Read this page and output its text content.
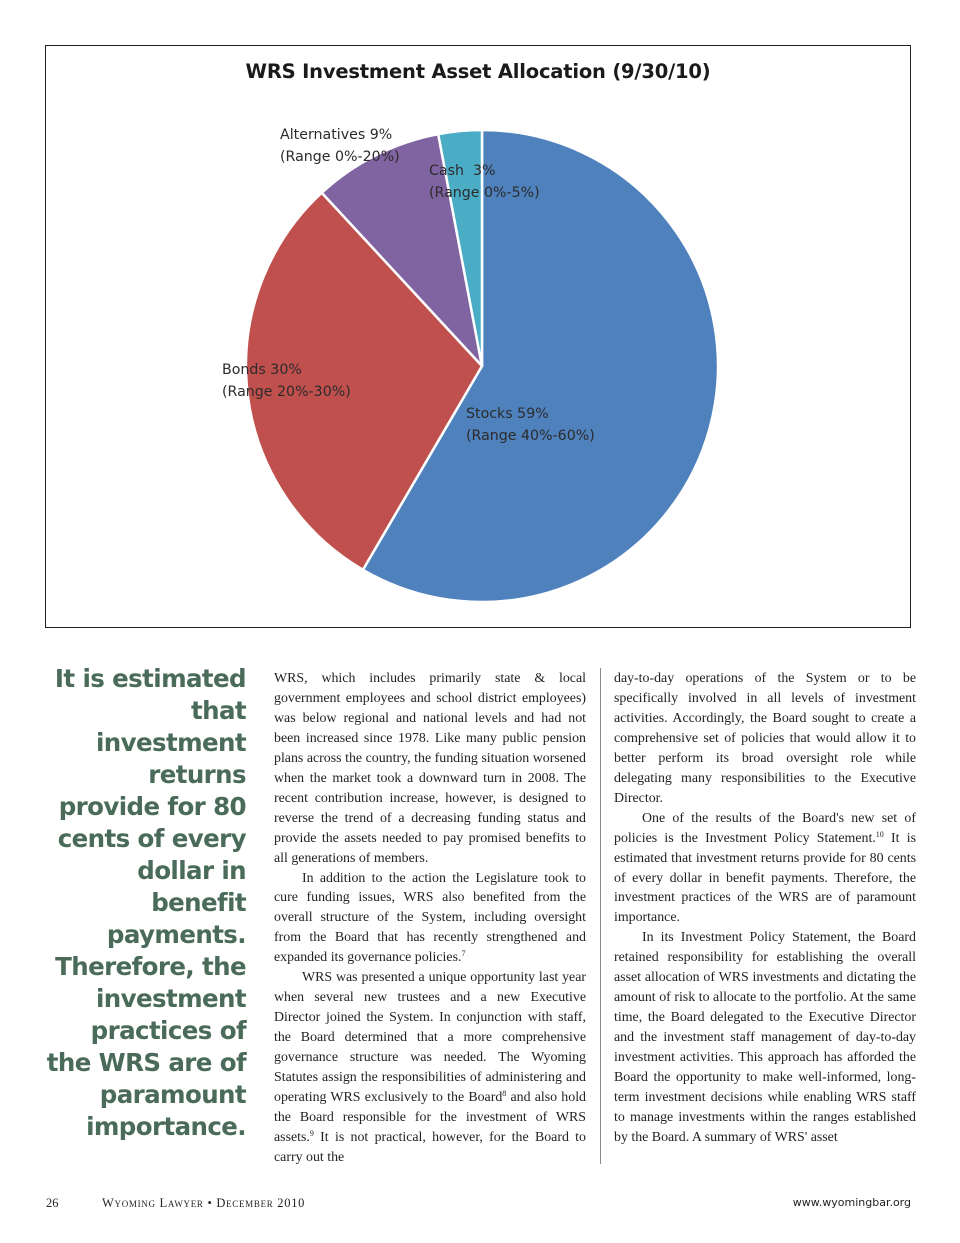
WRS Investment Asset Allocation (9/30/10)
Alternatives 9%
(Range 0%-20%)
Cash  3%
(Range 0%-5%)
Bonds 30%
(Range 20%-30%)
Stocks 59%
(Range 40%-60%)
It is estimated that investment returns provide for 80 cents of every dollar in benefit payments. Therefore, the investment practices of the WRS are of paramount importance.

WRS, which includes primarily state & local government employees and school district employees) was below regional and national levels and had not been increased since 1978. Like many public pension plans across the country, the funding situation worsened when the market took a downward turn in 2008. The recent contribution increase, however, is designed to reverse the trend of a decreasing funding status and provide the assets needed to pay promised benefits to all generations of members.

In addition to the action the Legislature took to cure funding issues, WRS also benefited from the overall structure of the System, including oversight from the Board that has recently strengthened and expanded its governance policies.$^7$

WRS was presented a unique opportunity last year when several new trustees and a new Executive Director joined the System. In conjunction with staff, the Board determined that a more comprehensive governance structure was needed. The Wyoming Statutes assign the responsibilities of administering and operating WRS exclusively to the Board$^8$ and also hold the Board responsible for the investment of WRS assets.$^9$ It is not practical, however, for the Board to carry out the

day-to-day operations of the System or to be specifically involved in all levels of investment activities. Accordingly, the Board sought to create a comprehensive set of policies that would allow it to better perform its broad oversight role while delegating many responsibilities to the Executive Director.

One of the results of the Board's new set of policies is the Investment Policy Statement.$^{10}$ It is estimated that investment returns provide for 80 cents of every dollar in benefit payments. Therefore, the investment practices of the WRS are of paramount importance.

In its Investment Policy Statement, the Board retained responsibility for establishing the overall asset allocation of WRS investments and dictating the amount of risk to allocate to the portfolio. At the same time, the Board delegated to the Executive Director and the investment staff management of day-to-day investment activities. This approach has afforded the Board the opportunity to make well-informed, long-term investment decisions while enabling WRS staff to manage investments within the ranges established by the Board. A summary of WRS' asset

26	Wyoming Lawyer • December 2010	www.wyomingbar.org
